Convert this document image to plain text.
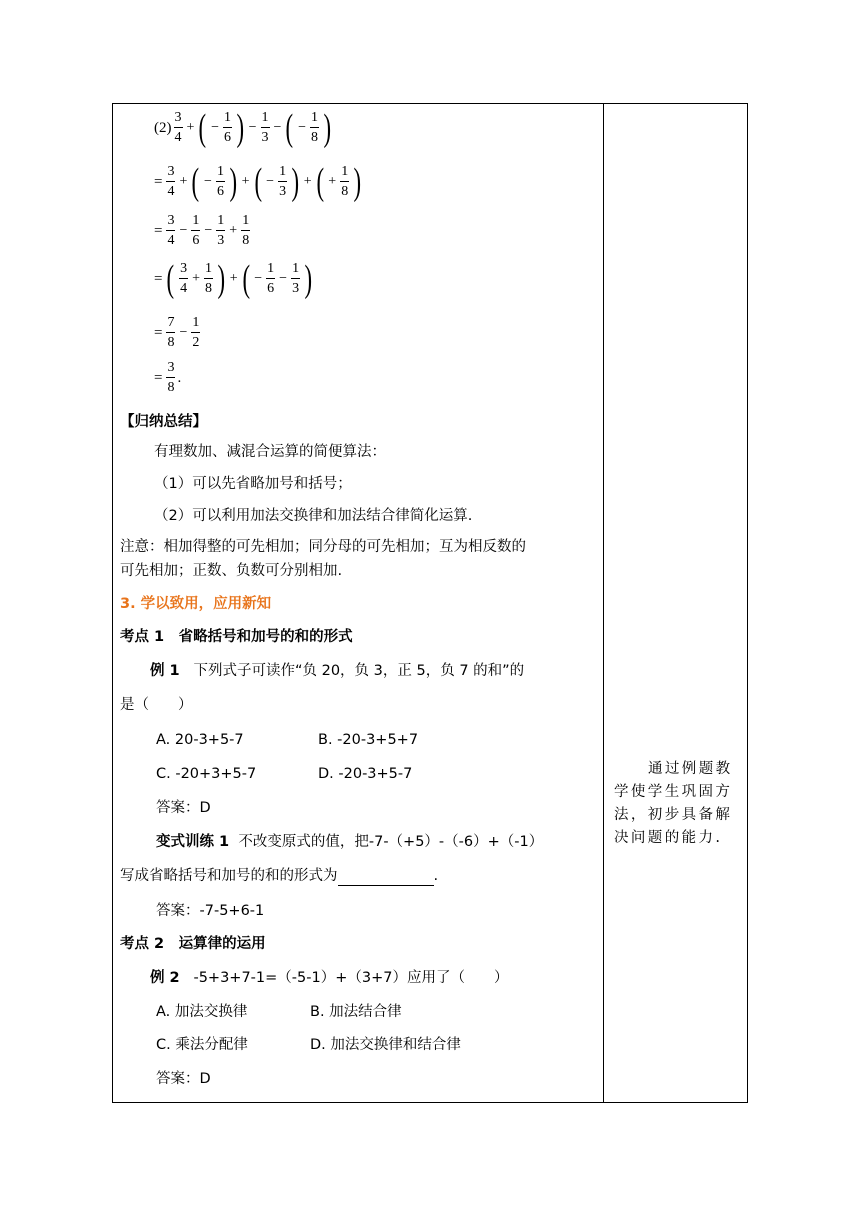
$(2) \frac{3}{4}$ + ( − $\frac{1}{6}$ ) − $\frac{1}{3}$ − ( − $\frac{1}{8}$ )
= $\frac{3}{4}$ + ( − $\frac{1}{6}$ ) + ( − $\frac{1}{3}$ ) + ( + $\frac{1}{8}$ )
= $\frac{3}{4} - \frac{1}{6} - \frac{1}{3} + \frac{1}{8}$
= ( $\frac{3}{4} + \frac{1}{8}$ ) + ( − $\frac{1}{6} - \frac{1}{3}$ )
= $\frac{7}{8} - \frac{1}{2}$
= $\frac{3}{8}$ .
【归纳总结】
有理数加、减混合运算的简便算法：
（1）可以先省略加号和括号；
（2）可以利用加法交换律和加法结合律简化运算.
注意：相加得整的可先相加；同分母的可先相加；互为相反数的
可先相加；正数、负数可分别相加.
3. 学以致用，应用新知
考点 1　省略括号和加号的和的形式
例 1 下列式子可读作“负 20，负 3，正 5，负 7 的和”的
是（　　）
A. 20-3+5-7	B. -20-3+5+7
C. -20+3+5-7	D. -20-3+5-7
答案：D
变式训练 1 不改变原式的值，把-7-（+5）-（-6）+（-1）
写成省略括号和加号的和的形式为	.
答案：-7-5+6-1
考点 2　运算律的运用
例 2 -5+3+7-1=（-5-1）+（3+7）应用了（　　）
A. 加法交换律	B. 加法结合律
C. 乘法分配律	D. 加法交换律和结合律
答案：D
通过例题教学使学生巩固方法，初步具备解决问题的能力.
